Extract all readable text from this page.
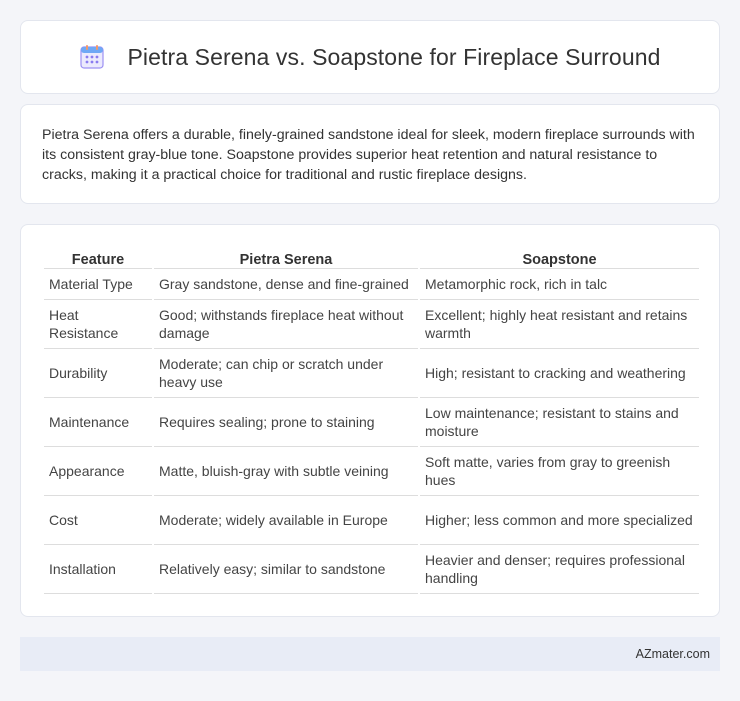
Pietra Serena vs. Soapstone for Fireplace Surround

Pietra Serena offers a durable, finely-grained sandstone ideal for sleek, modern fireplace surrounds with its consistent gray-blue tone. Soapstone provides superior heat retention and natural resistance to cracks, making it a practical choice for traditional and rustic fireplace designs.

Feature	Pietra Serena	Soapstone
Material Type	Gray sandstone, dense and fine-grained	Metamorphic rock, rich in talc
Heat Resistance	Good; withstands fireplace heat without damage	Excellent; highly heat resistant and retains warmth
Durability	Moderate; can chip or scratch under heavy use	High; resistant to cracking and weathering
Maintenance	Requires sealing; prone to staining	Low maintenance; resistant to stains and moisture
Appearance	Matte, bluish-gray with subtle veining	Soft matte, varies from gray to greenish hues
Cost	Moderate; widely available in Europe	Higher; less common and more specialized
Installation	Relatively easy; similar to sandstone	Heavier and denser; requires professional handling
AZmater.com
